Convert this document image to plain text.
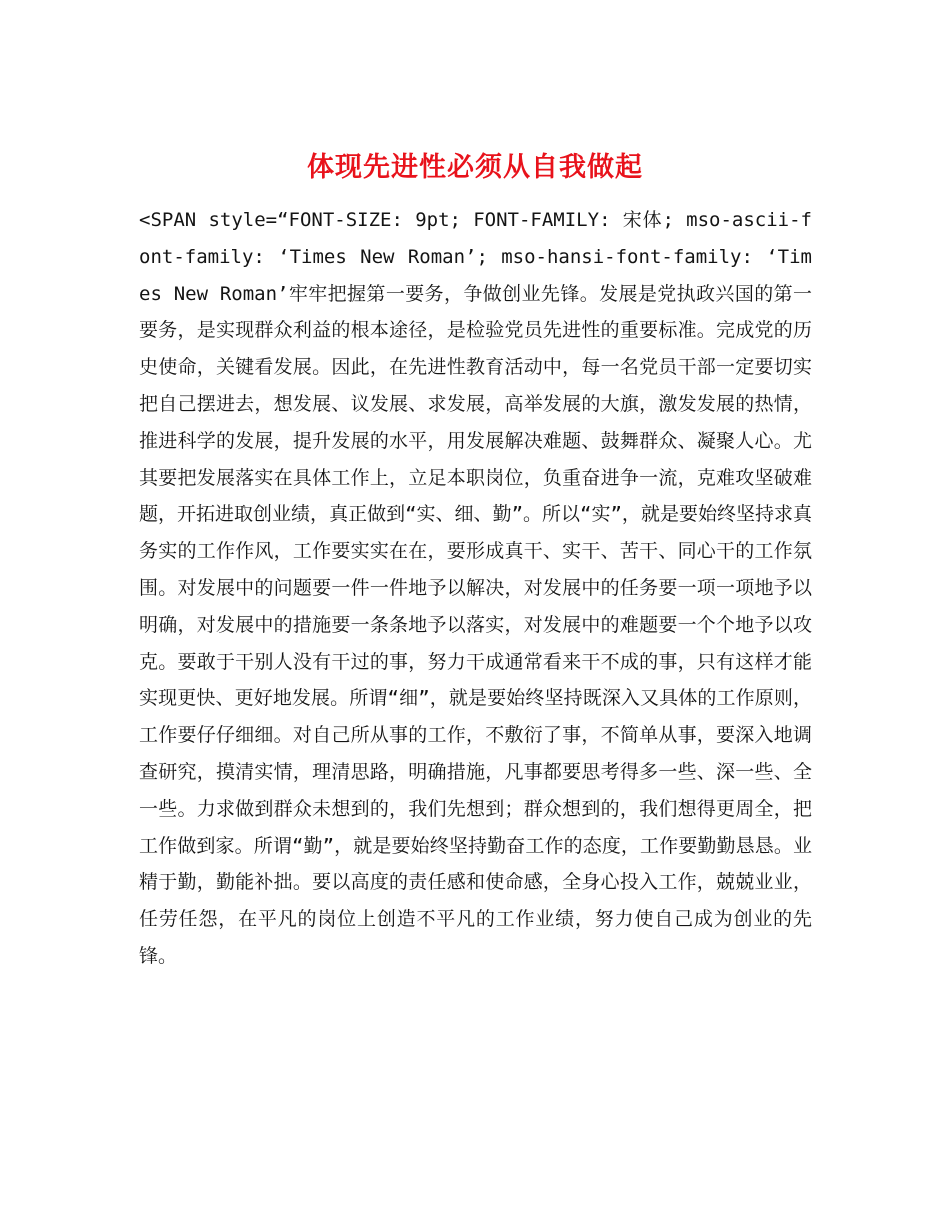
体现先进性必须从自我做起

<SPAN style=“FONT-SIZE: 9pt; FONT-FAMILY: 宋体; mso-ascii-font-family: ‘Times New Roman’; mso-hansi-font-family: ‘Times New Roman’牢牢把握第一要务，争做创业先锋。发展是党执政兴国的第一要务，是实现群众利益的根本途径，是检验党员先进性的重要标准。完成党的历史使命，关键看发展。因此，在先进性教育活动中，每一名党员干部一定要切实把自己摆进去，想发展、议发展、求发展，高举发展的大旗，激发发展的热情，推进科学的发展，提升发展的水平，用发展解决难题、鼓舞群众、凝聚人心。尤其要把发展落实在具体工作上，立足本职岗位，负重奋进争一流，克难攻坚破难题，开拓进取创业绩，真正做到“实、细、勤”。所以“实”，就是要始终坚持求真务实的工作作风，工作要实实在在，要形成真干、实干、苦干、同心干的工作氛围。对发展中的问题要一件一件地予以解决，对发展中的任务要一项一项地予以明确，对发展中的措施要一条条地予以落实，对发展中的难题要一个个地予以攻克。要敢于干别人没有干过的事，努力干成通常看来干不成的事，只有这样才能实现更快、更好地发展。所谓“细”，就是要始终坚持既深入又具体的工作原则，工作要仔仔细细。对自己所从事的工作，不敷衍了事，不简单从事，要深入地调查研究，摸清实情，理清思路，明确措施，凡事都要思考得多一些、深一些、全一些。力求做到群众未想到的，我们先想到；群众想到的，我们想得更周全，把工作做到家。所谓“勤”，就是要始终坚持勤奋工作的态度，工作要勤勤恳恳。业精于勤，勤能补拙。要以高度的责任感和使命感，全身心投入工作，兢兢业业，任劳任怨，在平凡的岗位上创造不平凡的工作业绩，努力使自己成为创业的先锋。
